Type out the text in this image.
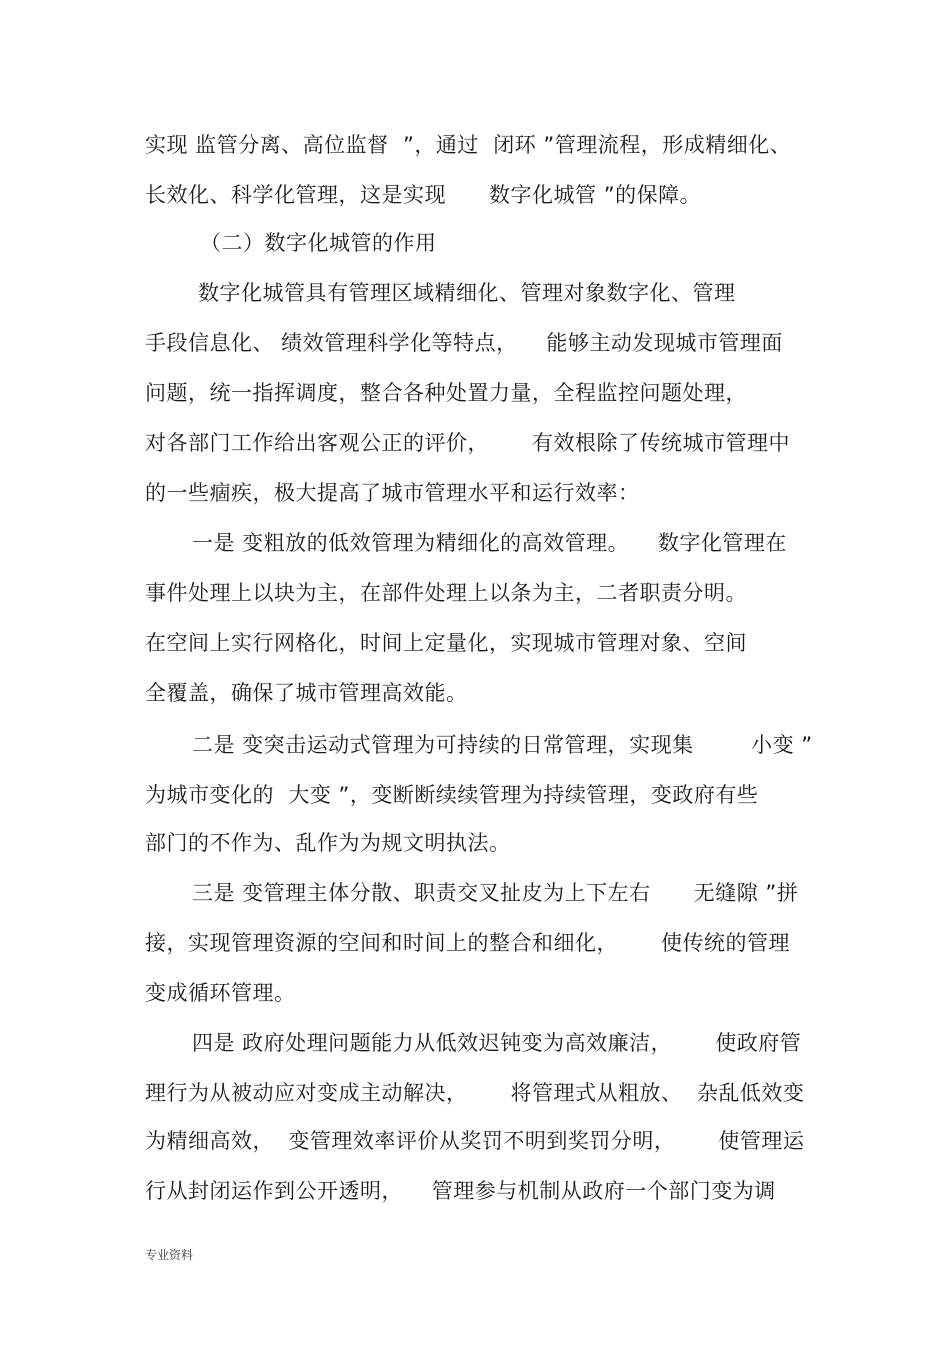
实现 监管分离、高位监督  ”，通过  闭环 ”管理流程，形成精细化、
长效化、科学化管理，这是实现      数字化城管 ”的保障。
（二）数字化城管的作用
数字化城管具有管理区域精细化、管理对象数字化、管理
手段信息化、 绩效管理科学化等特点，    能够主动发现城市管理面
问题，统一指挥调度，整合各种处置力量，全程监控问题处理，
对各部门工作给出客观公正的评价，      有效根除了传统城市管理中
的一些痼疾，极大提高了城市管理水平和运行效率：
一是 变粗放的低效管理为精细化的高效管理。    数字化管理在
事件处理上以块为主，在部件处理上以条为主，二者职责分明。
在空间上实行网格化，时间上定量化，实现城市管理对象、空间
全覆盖，确保了城市管理高效能。
二是 变突击运动式管理为可持续的日常管理，实现集        小变 ”
为城市变化的  大变 ”，变断断续续管理为持续管理，变政府有些
部门的不作为、乱作为为规文明执法。
三是 变管理主体分散、职责交叉扯皮为上下左右      无缝隙 ”拼
接，实现管理资源的空间和时间上的整合和细化，      使传统的管理
变成循环管理。
四是 政府处理问题能力从低效迟钝变为高效廉洁，      使政府管
理行为从被动应对变成主动解决，      将管理式从粗放、  杂乱低效变
为精细高效，  变管理效率评价从奖罚不明到奖罚分明，      使管理运
行从封闭运作到公开透明，    管理参与机制从政府一个部门变为调
专业资料
